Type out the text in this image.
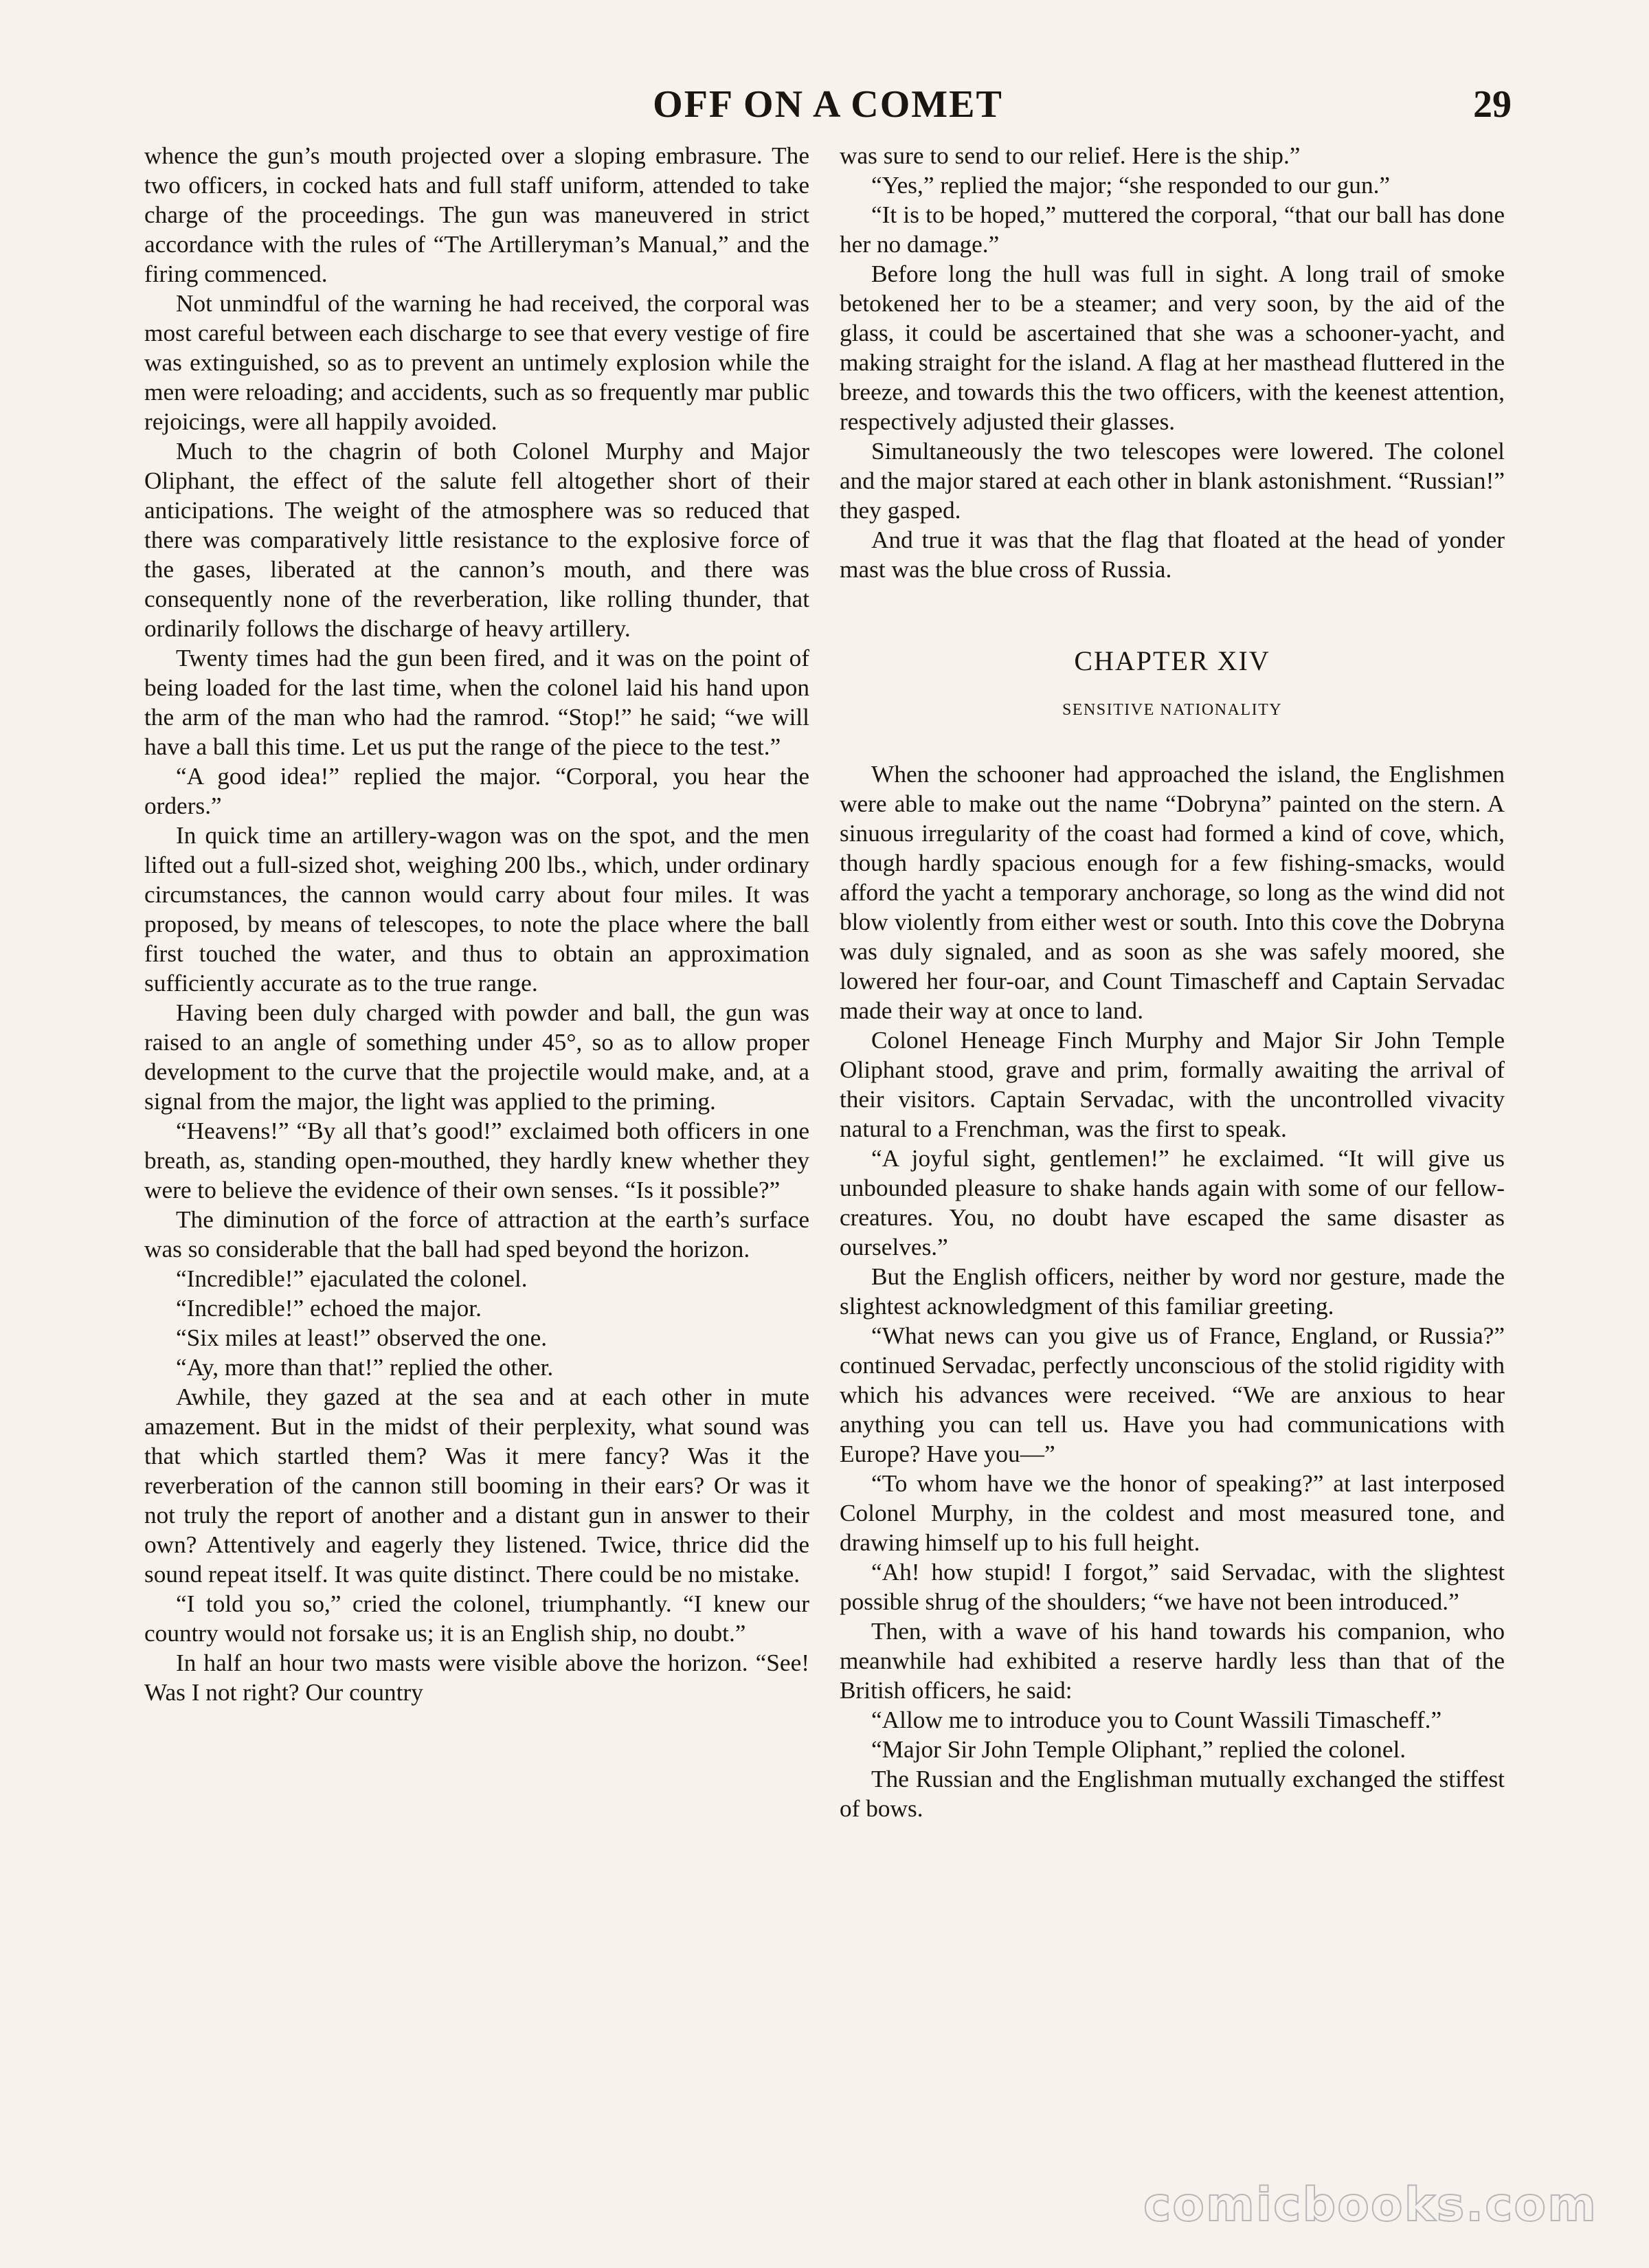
OFF ON A COMET	29

whence the gun’s mouth projected over a sloping embrasure. The two officers, in cocked hats and full staff uniform, attended to take charge of the proceedings. The gun was maneuvered in strict accordance with the rules of “The Artilleryman’s Manual,” and the firing commenced.

Not unmindful of the warning he had received, the corporal was most careful between each discharge to see that every vestige of fire was extinguished, so as to prevent an untimely explosion while the men were reloading; and accidents, such as so frequently mar public rejoicings, were all happily avoided.

Much to the chagrin of both Colonel Murphy and Major Oliphant, the effect of the salute fell altogether short of their anticipations. The weight of the atmosphere was so reduced that there was comparatively little resistance to the explosive force of the gases, liberated at the cannon’s mouth, and there was consequently none of the reverberation, like rolling thunder, that ordinarily follows the discharge of heavy artillery.

Twenty times had the gun been fired, and it was on the point of being loaded for the last time, when the colonel laid his hand upon the arm of the man who had the ramrod. “Stop!” he said; “we will have a ball this time. Let us put the range of the piece to the test.”

“A good idea!” replied the major. “Corporal, you hear the orders.”

In quick time an artillery-wagon was on the spot, and the men lifted out a full-sized shot, weighing 200 lbs., which, under ordinary circumstances, the cannon would carry about four miles. It was proposed, by means of telescopes, to note the place where the ball first touched the water, and thus to obtain an approximation sufficiently accurate as to the true range.

Having been duly charged with powder and ball, the gun was raised to an angle of something under 45°, so as to allow proper development to the curve that the projectile would make, and, at a signal from the major, the light was applied to the priming.

“Heavens!” “By all that’s good!” exclaimed both officers in one breath, as, standing open-mouthed, they hardly knew whether they were to believe the evidence of their own senses. “Is it possible?”

The diminution of the force of attraction at the earth’s surface was so considerable that the ball had sped beyond the horizon.

“Incredible!” ejaculated the colonel.

“Incredible!” echoed the major.

“Six miles at least!” observed the one.

“Ay, more than that!” replied the other.

Awhile, they gazed at the sea and at each other in mute amazement. But in the midst of their perplexity, what sound was that which startled them? Was it mere fancy? Was it the reverberation of the cannon still booming in their ears? Or was it not truly the report of another and a distant gun in answer to their own? Attentively and eagerly they listened. Twice, thrice did the sound repeat itself. It was quite distinct. There could be no mistake.

“I told you so,” cried the colonel, triumphantly. “I knew our country would not forsake us; it is an English ship, no doubt.”

In half an hour two masts were visible above the horizon. “See! Was I not right? Our country

was sure to send to our relief. Here is the ship.”

“Yes,” replied the major; “she responded to our gun.”

“It is to be hoped,” muttered the corporal, “that our ball has done her no damage.”

Before long the hull was full in sight. A long trail of smoke betokened her to be a steamer; and very soon, by the aid of the glass, it could be ascertained that she was a schooner-yacht, and making straight for the island. A flag at her masthead fluttered in the breeze, and towards this the two officers, with the keenest attention, respectively adjusted their glasses.

Simultaneously the two telescopes were lowered. The colonel and the major stared at each other in blank astonishment. “Russian!” they gasped.

And true it was that the flag that floated at the head of yonder mast was the blue cross of Russia.

CHAPTER XIV
SENSITIVE NATIONALITY

When the schooner had approached the island, the Englishmen were able to make out the name “Dobryna” painted on the stern. A sinuous irregularity of the coast had formed a kind of cove, which, though hardly spacious enough for a few fishing-smacks, would afford the yacht a temporary anchorage, so long as the wind did not blow violently from either west or south. Into this cove the Dobryna was duly signaled, and as soon as she was safely moored, she lowered her four-oar, and Count Timascheff and Captain Servadac made their way at once to land.

Colonel Heneage Finch Murphy and Major Sir John Temple Oliphant stood, grave and prim, formally awaiting the arrival of their visitors. Captain Servadac, with the uncontrolled vivacity natural to a Frenchman, was the first to speak.

“A joyful sight, gentlemen!” he exclaimed. “It will give us unbounded pleasure to shake hands again with some of our fellow-creatures. You, no doubt have escaped the same disaster as ourselves.”

But the English officers, neither by word nor gesture, made the slightest acknowledgment of this familiar greeting.

“What news can you give us of France, England, or Russia?” continued Servadac, perfectly unconscious of the stolid rigidity with which his advances were received. “We are anxious to hear anything you can tell us. Have you had communications with Europe? Have you—”

“To whom have we the honor of speaking?” at last interposed Colonel Murphy, in the coldest and most measured tone, and drawing himself up to his full height.

“Ah! how stupid! I forgot,” said Servadac, with the slightest possible shrug of the shoulders; “we have not been introduced.”

Then, with a wave of his hand towards his companion, who meanwhile had exhibited a reserve hardly less than that of the British officers, he said:

“Allow me to introduce you to Count Wassili Timascheff.”

“Major Sir John Temple Oliphant,” replied the colonel.

The Russian and the Englishman mutually exchanged the stiffest of bows.

comicbooks.com
